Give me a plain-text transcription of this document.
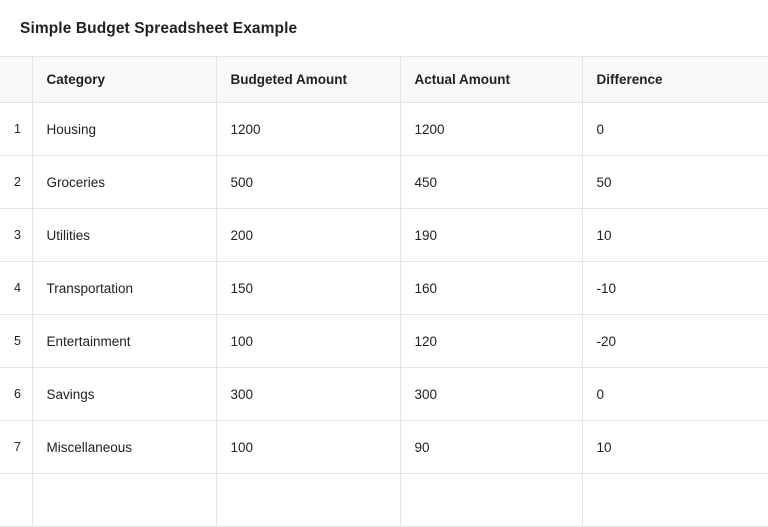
Simple Budget Spreadsheet Example
	Category	Budgeted Amount	Actual Amount	Difference
1	Housing	1200	1200	0
2	Groceries	500	450	50
3	Utilities	200	190	10
4	Transportation	150	160	-10
5	Entertainment	100	120	-20
6	Savings	300	300	0
7	Miscellaneous	100	90	10
